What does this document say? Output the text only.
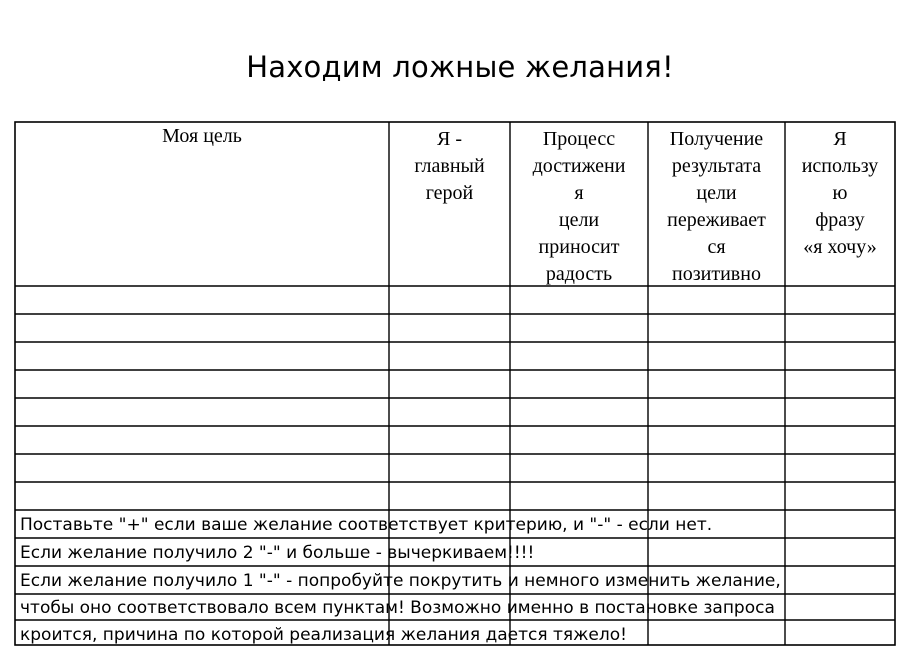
Находим ложные желания!
Моя цель	Я -
главный
герой
Процесс
достижени
я
цели
приносит
радость
Получение
результата
цели
переживает
ся
позитивно
Я
использу
ю
фразу
«я хочу»
Поставьте "+" если ваше желание соответствует критерию, и "-" - если нет.
Если желание получило 2 "-" и больше - вычеркиваем!!!!
Если желание получило 1 "-" - попробуйте покрутить и немного изменить желание,
чтобы оно соответствовало всем пунктам! Возможно именно в постановке запроса
кроится, причина по которой реализация желания дается тяжело!
